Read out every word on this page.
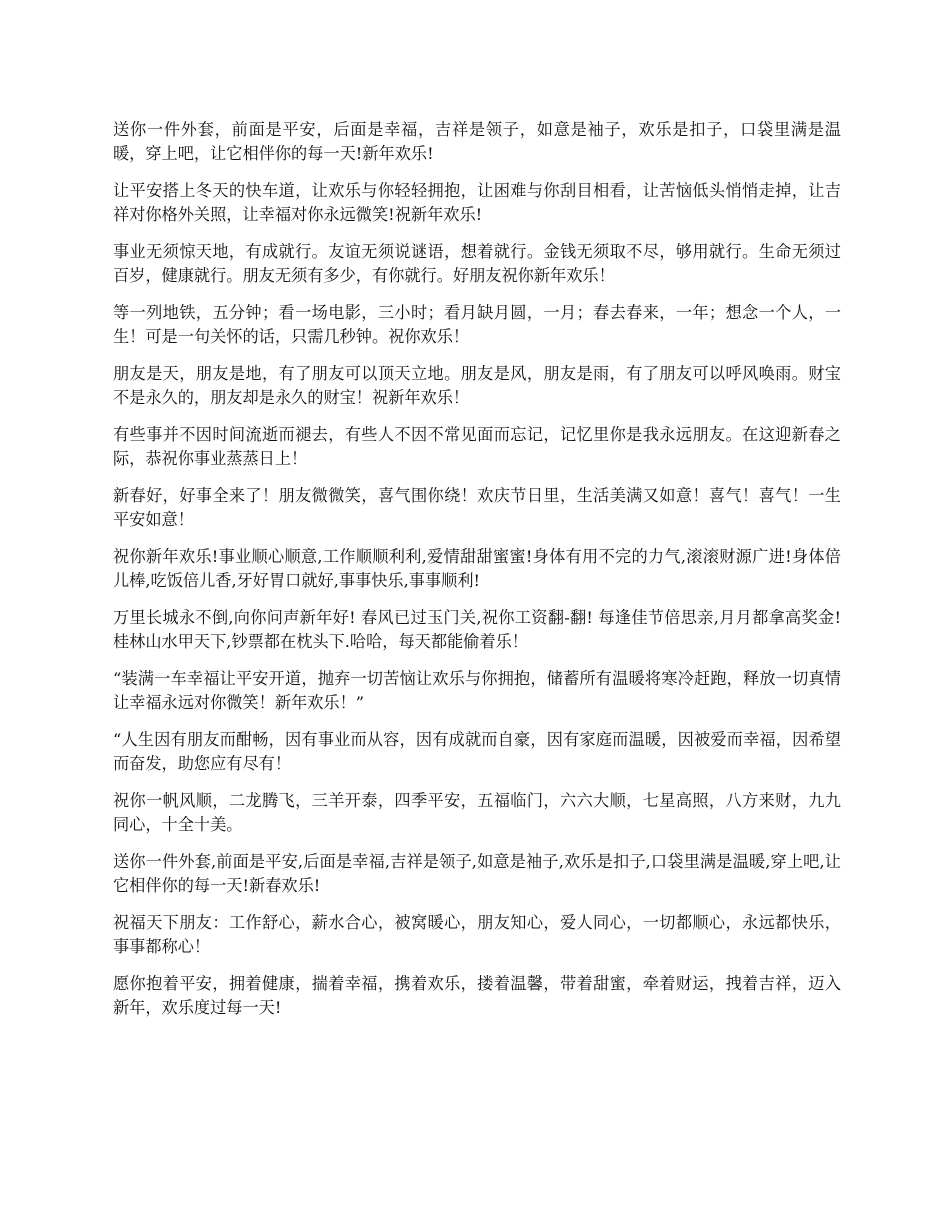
送你一件外套，前面是平安，后面是幸福，吉祥是领子，如意是袖子，欢乐是扣子，口袋里满是温暖，穿上吧，让它相伴你的每一天!新年欢乐!

让平安搭上冬天的快车道，让欢乐与你轻轻拥抱，让困难与你刮目相看，让苦恼低头悄悄走掉，让吉祥对你格外关照，让幸福对你永远微笑!祝新年欢乐!

事业无须惊天地，有成就行。友谊无须说谜语，想着就行。金钱无须取不尽，够用就行。生命无须过百岁，健康就行。朋友无须有多少，有你就行。好朋友祝你新年欢乐！

等一列地铁，五分钟；看一场电影，三小时；看月缺月圆，一月；春去春来，一年；想念一个人，一生！可是一句关怀的话，只需几秒钟。祝你欢乐！

朋友是天，朋友是地，有了朋友可以顶天立地。朋友是风，朋友是雨，有了朋友可以呼风唤雨。财宝不是永久的，朋友却是永久的财宝！祝新年欢乐！

有些事并不因时间流逝而褪去，有些人不因不常见面而忘记，记忆里你是我永远朋友。在这迎新春之际，恭祝你事业蒸蒸日上！

新春好，好事全来了！朋友微微笑，喜气围你绕！欢庆节日里，生活美满又如意！喜气！喜气！一生平安如意！

祝你新年欢乐!事业顺心顺意,工作顺顺利利,爱情甜甜蜜蜜!身体有用不完的力气,滚滚财源广进!身体倍儿棒,吃饭倍儿香,牙好胃口就好,事事快乐,事事顺利!

万里长城永不倒,向你问声新年好! 春风已过玉门关,祝你工资翻-翻! 每逢佳节倍思亲,月月都拿高奖金! 桂林山水甲天下,钞票都在枕头下.哈哈，每天都能偷着乐！

“装满一车幸福让平安开道，抛弃一切苦恼让欢乐与你拥抱，储蓄所有温暖将寒冷赶跑，释放一切真情让幸福永远对你微笑！新年欢乐！”

“人生因有朋友而酣畅，因有事业而从容，因有成就而自豪，因有家庭而温暖，因被爱而幸福，因希望而奋发，助您应有尽有！

祝你一帆风顺，二龙腾飞，三羊开泰，四季平安，五福临门，六六大顺，七星高照，八方来财，九九同心，十全十美。

送你一件外套,前面是平安,后面是幸福,吉祥是领子,如意是袖子,欢乐是扣子,口袋里满是温暖,穿上吧,让它相伴你的每一天!新春欢乐!

祝福天下朋友：工作舒心，薪水合心，被窝暖心，朋友知心，爱人同心，一切都顺心，永远都快乐，事事都称心！

愿你抱着平安，拥着健康，揣着幸福，携着欢乐，搂着温馨，带着甜蜜，牵着财运，拽着吉祥，迈入新年，欢乐度过每一天!
